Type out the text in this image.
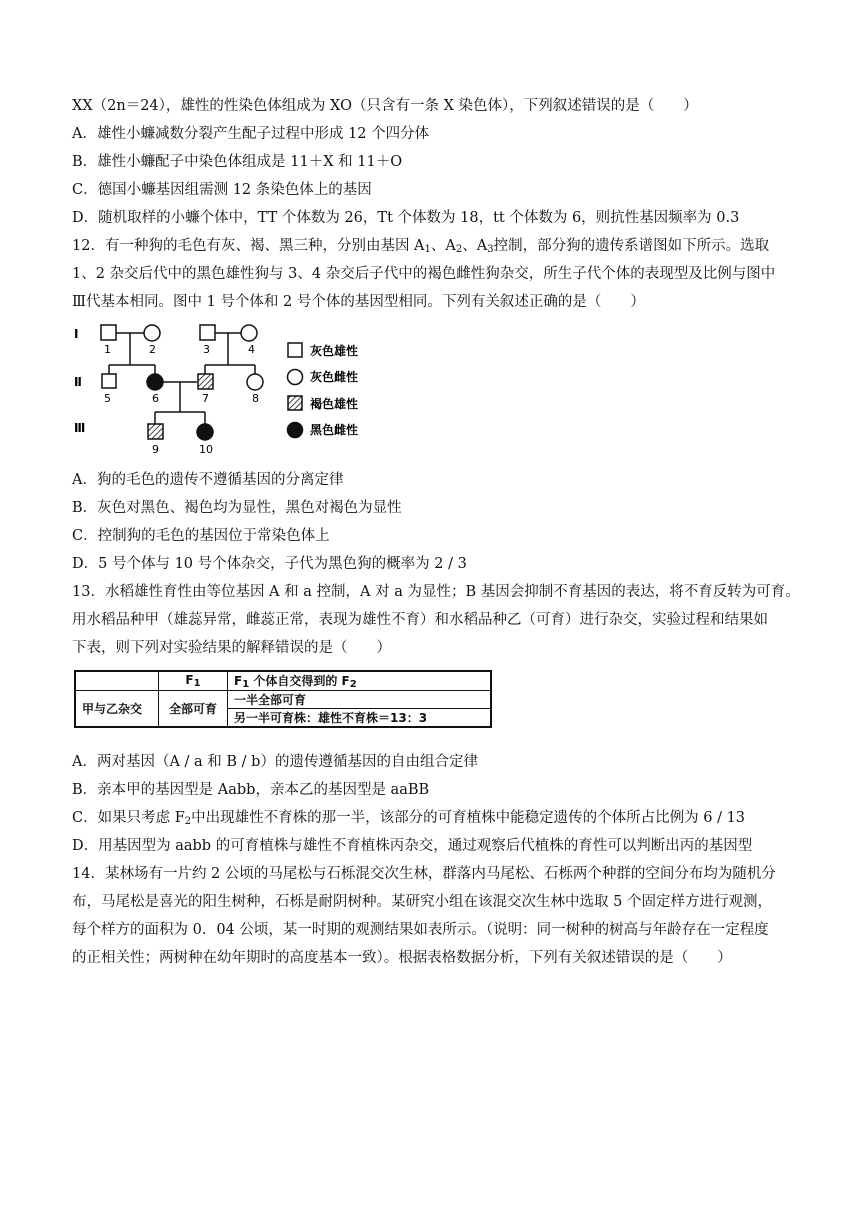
XX（2n＝24），雄性的性染色体组成为 XO（只含有一条 X 染色体），下列叙述错误的是（　　）
A．雄性小蠊减数分裂产生配子过程中形成 12 个四分体
B．雄性小蠊配子中染色体组成是 11＋X 和 11＋O
C．德国小蠊基因组需测 12 条染色体上的基因
D．随机取样的小蠊个体中，TT 个体数为 26，Tt 个体数为 18，tt 个体数为 6，则抗性基因频率为 0.3
12．有一种狗的毛色有灰、褐、黑三种，分别由基因 $A_1$、$A_2$、$A_3$控制，部分狗的遗传系谱图如下所示。选取
1、2 杂交后代中的黑色雄性狗与 3、4 杂交后子代中的褐色雌性狗杂交，所生子代个体的表现型及比例与图中
Ⅲ代基本相同。图中 1 号个体和 2 号个体的基因型相同。下列有关叙述正确的是（　　）
Ⅰ
Ⅱ
Ⅲ
1	2	3	4
5	6	7	8
9	10
灰色雄性
灰色雌性
褐色雄性
黑色雌性
A．狗的毛色的遗传不遵循基因的分离定律
B．灰色对黑色、褐色均为显性，黑色对褐色为显性
C．控制狗的毛色的基因位于常染色体上
D．5 号个体与 10 号个体杂交，子代为黑色狗的概率为 2 / 3
13．水稻雄性育性由等位基因 A 和 a 控制，A 对 a 为显性；B 基因会抑制不育基因的表达，将不育反转为可育。
用水稻品种甲（雄蕊异常，雌蕊正常，表现为雄性不育）和水稻品种乙（可育）进行杂交，实验过程和结果如
下表，则下列对实验结果的解释错误的是（　　）
	$F_1$	$F_1$ 个体自交得到的 $F_2$
甲与乙杂交	全部可育	一半全部可育
		另一半可育株：雄性不育株＝13：3
A．两对基因（A / a 和 B / b）的遗传遵循基因的自由组合定律
B．亲本甲的基因型是 Aabb，亲本乙的基因型是 aaBB
C．如果只考虑 $F_2$中出现雄性不育株的那一半，该部分的可育植株中能稳定遗传的个体所占比例为 6 / 13
D．用基因型为 aabb 的可育植株与雄性不育植株丙杂交，通过观察后代植株的育性可以判断出丙的基因型
14．某林场有一片约 2 公顷的马尾松与石栎混交次生林，群落内马尾松、石栎两个种群的空间分布均为随机分
布，马尾松是喜光的阳生树种，石栎是耐阴树种。某研究小组在该混交次生林中选取 5 个固定样方进行观测，
每个样方的面积为 0．04 公顷，某一时期的观测结果如表所示。（说明：同一树种的树高与年龄存在一定程度
的正相关性；两树种在幼年期时的高度基本一致）。根据表格数据分析，下列有关叙述错误的是（　　）
